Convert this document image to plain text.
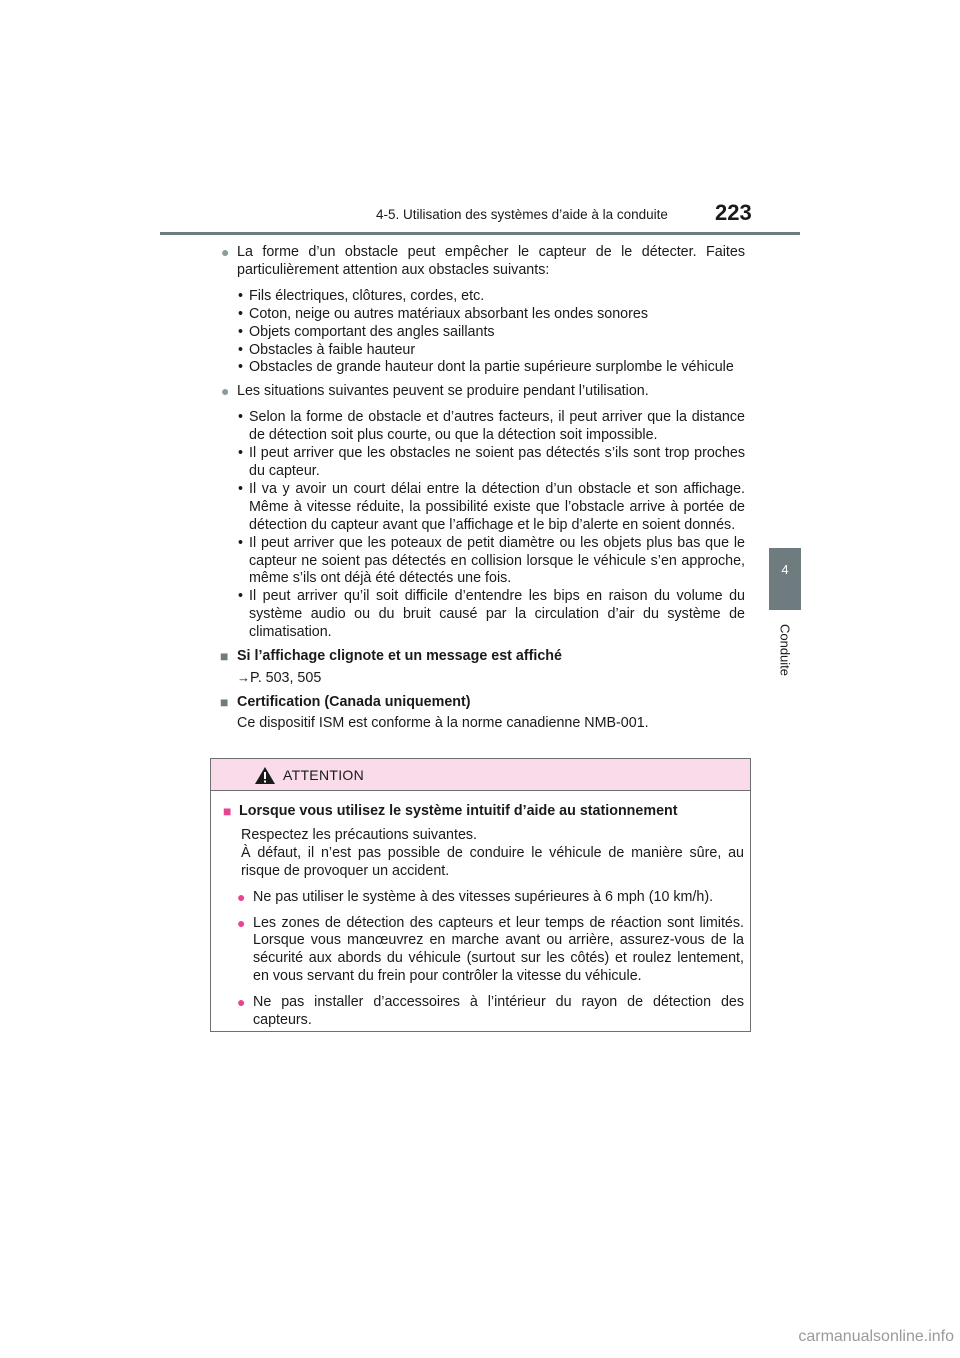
4-5. Utilisation des systèmes d’aide à la conduite 223
4
Conduite
● La forme d’un obstacle peut empêcher le capteur de le détecter. Faites particulièrement attention aux obstacles suivants:
• Fils électriques, clôtures, cordes, etc.
• Coton, neige ou autres matériaux absorbant les ondes sonores
• Objets comportant des angles saillants
• Obstacles à faible hauteur
• Obstacles de grande hauteur dont la partie supérieure surplombe le véhicule
● Les situations suivantes peuvent se produire pendant l’utilisation.
• Selon la forme de obstacle et d’autres facteurs, il peut arriver que la distance de détection soit plus courte, ou que la détection soit impossible.
• Il peut arriver que les obstacles ne soient pas détectés s’ils sont trop proches du capteur.
• Il va y avoir un court délai entre la détection d’un obstacle et son affichage. Même à vitesse réduite, la possibilité existe que l’obstacle arrive à portée de détection du capteur avant que l’affichage et le bip d’alerte en soient donnés.
• Il peut arriver que les poteaux de petit diamètre ou les objets plus bas que le capteur ne soient pas détectés en collision lorsque le véhicule s’en approche, même s’ils ont déjà été détectés une fois.
• Il peut arriver qu’il soit difficile d’entendre les bips en raison du volume du système audio ou du bruit causé par la circulation d’air du système de climatisation.
■ Si l’affichage clignote et un message est affiché
→P. 503, 505
■ Certification (Canada uniquement)
Ce dispositif ISM est conforme à la norme canadienne NMB-001.
ATTENTION
■ Lorsque vous utilisez le système intuitif d’aide au stationnement
Respectez les précautions suivantes.
À défaut, il n’est pas possible de conduire le véhicule de manière sûre, au risque de provoquer un accident.
● Ne pas utiliser le système à des vitesses supérieures à 6 mph (10 km/h).
● Les zones de détection des capteurs et leur temps de réaction sont limités. Lorsque vous manœuvrez en marche avant ou arrière, assurez-vous de la sécurité aux abords du véhicule (surtout sur les côtés) et roulez lentement, en vous servant du frein pour contrôler la vitesse du véhicule.
● Ne pas installer d’accessoires à l’intérieur du rayon de détection des capteurs.
carmanualsonline.info
